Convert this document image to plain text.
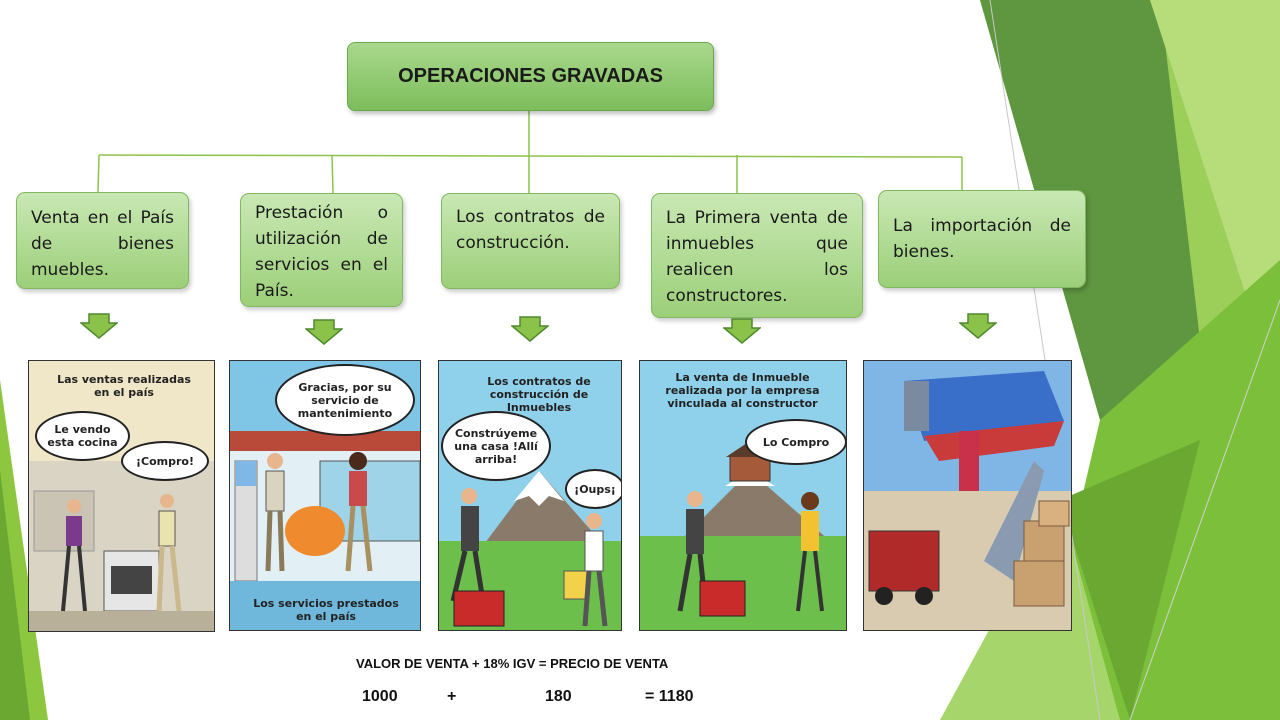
OPERACIONES GRAVADAS
Venta en el País de bienes muebles.
Prestación o utilización de servicios en el País.
Los contratos de construcción.
La Primera venta de inmuebles que realicen los constructores.
La importación de bienes.
Las ventas realizadas en el país
Le vendo esta cocina
¡Compro!
Gracias, por su servicio de mantenimiento
Los servicios prestados en el país
Los contratos de construcción de Inmuebles
Constrúyeme una casa !Allí arriba!
¡Oups¡
La venta de Inmueble realizada por la empresa vinculada al constructor
Lo Compro
VALOR DE VENTA + 18% IGV = PRECIO DE VENTA
1000	+	180	= 1180
